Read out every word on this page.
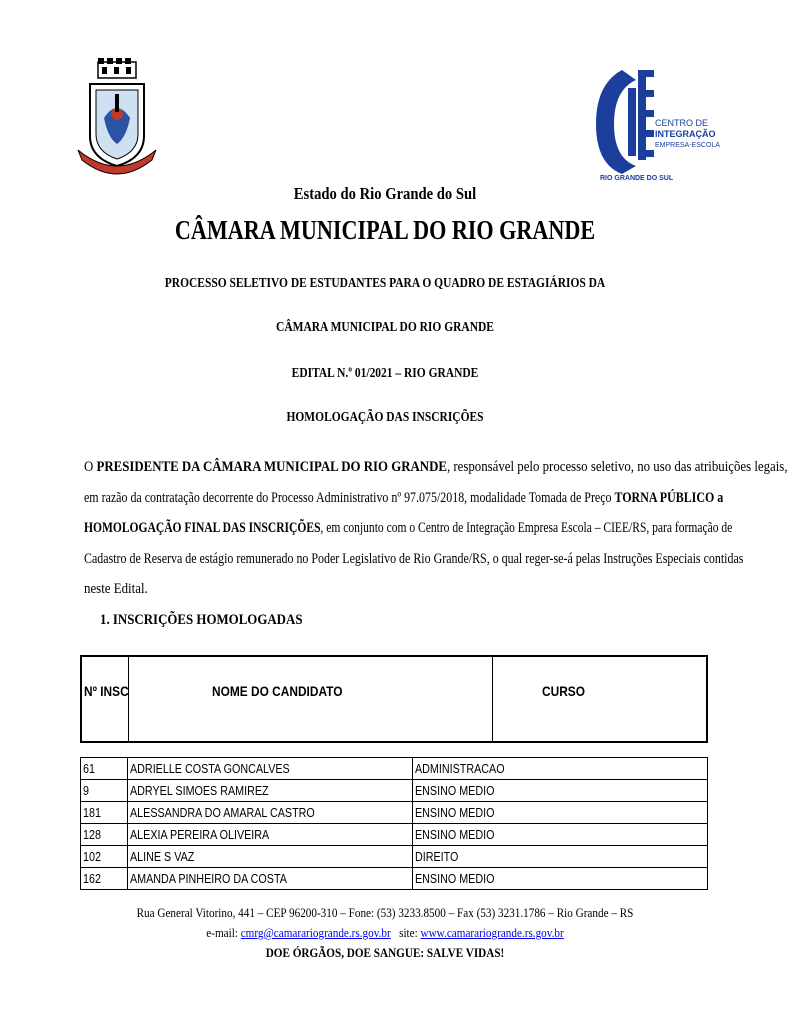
CENTRO DE
INTEGRAÇÃO
EMPRESA-ESCOLA
RIO GRANDE DO SUL
Estado do Rio Grande do Sul
CÂMARA MUNICIPAL DO RIO GRANDE
PROCESSO SELETIVO DE ESTUDANTES PARA O QUADRO DE ESTAGIÁRIOS DA
CÂMARA MUNICIPAL DO RIO GRANDE
EDITAL N.º 01/2021 – RIO GRANDE
HOMOLOGAÇÃO DAS INSCRIÇÕES
O PRESIDENTE DA CÂMARA MUNICIPAL DO RIO GRANDE, responsável pelo processo seletivo, no uso das atribuições legais,
em razão da contratação decorrente do Processo Administrativo nº 97.075/2018, modalidade Tomada de Preço TORNA PÚBLICO a
HOMOLOGAÇÃO FINAL DAS INSCRIÇÕES, em conjunto com o Centro de Integração Empresa Escola – CIEE/RS, para formação de
Cadastro de Reserva de estágio remunerado no Poder Legislativo de Rio Grande/RS, o qual reger-se-á pelas Instruções Especiais contidas
neste Edital.
1. INSCRIÇÕES HOMOLOGADAS
Nº INSC	NOME DO CANDIDATO	CURSO
61	ADRIELLE COSTA GONCALVES	ADMINISTRACAO
9	ADRYEL SIMOES RAMIREZ	ENSINO MEDIO
181	ALESSANDRA DO AMARAL CASTRO	ENSINO MEDIO
128	ALEXIA PEREIRA OLIVEIRA	ENSINO MEDIO
102	ALINE S VAZ	DIREITO
162	AMANDA PINHEIRO DA COSTA	ENSINO MEDIO
Rua General Vitorino, 441 – CEP 96200-310 – Fone: (53) 3233.8500 – Fax (53) 3231.1786 – Rio Grande – RS
e-mail: cmrg@camarariogrande.rs.gov.br   site: www.camarariogrande.rs.gov.br
DOE ÓRGÃOS, DOE SANGUE: SALVE VIDAS!
